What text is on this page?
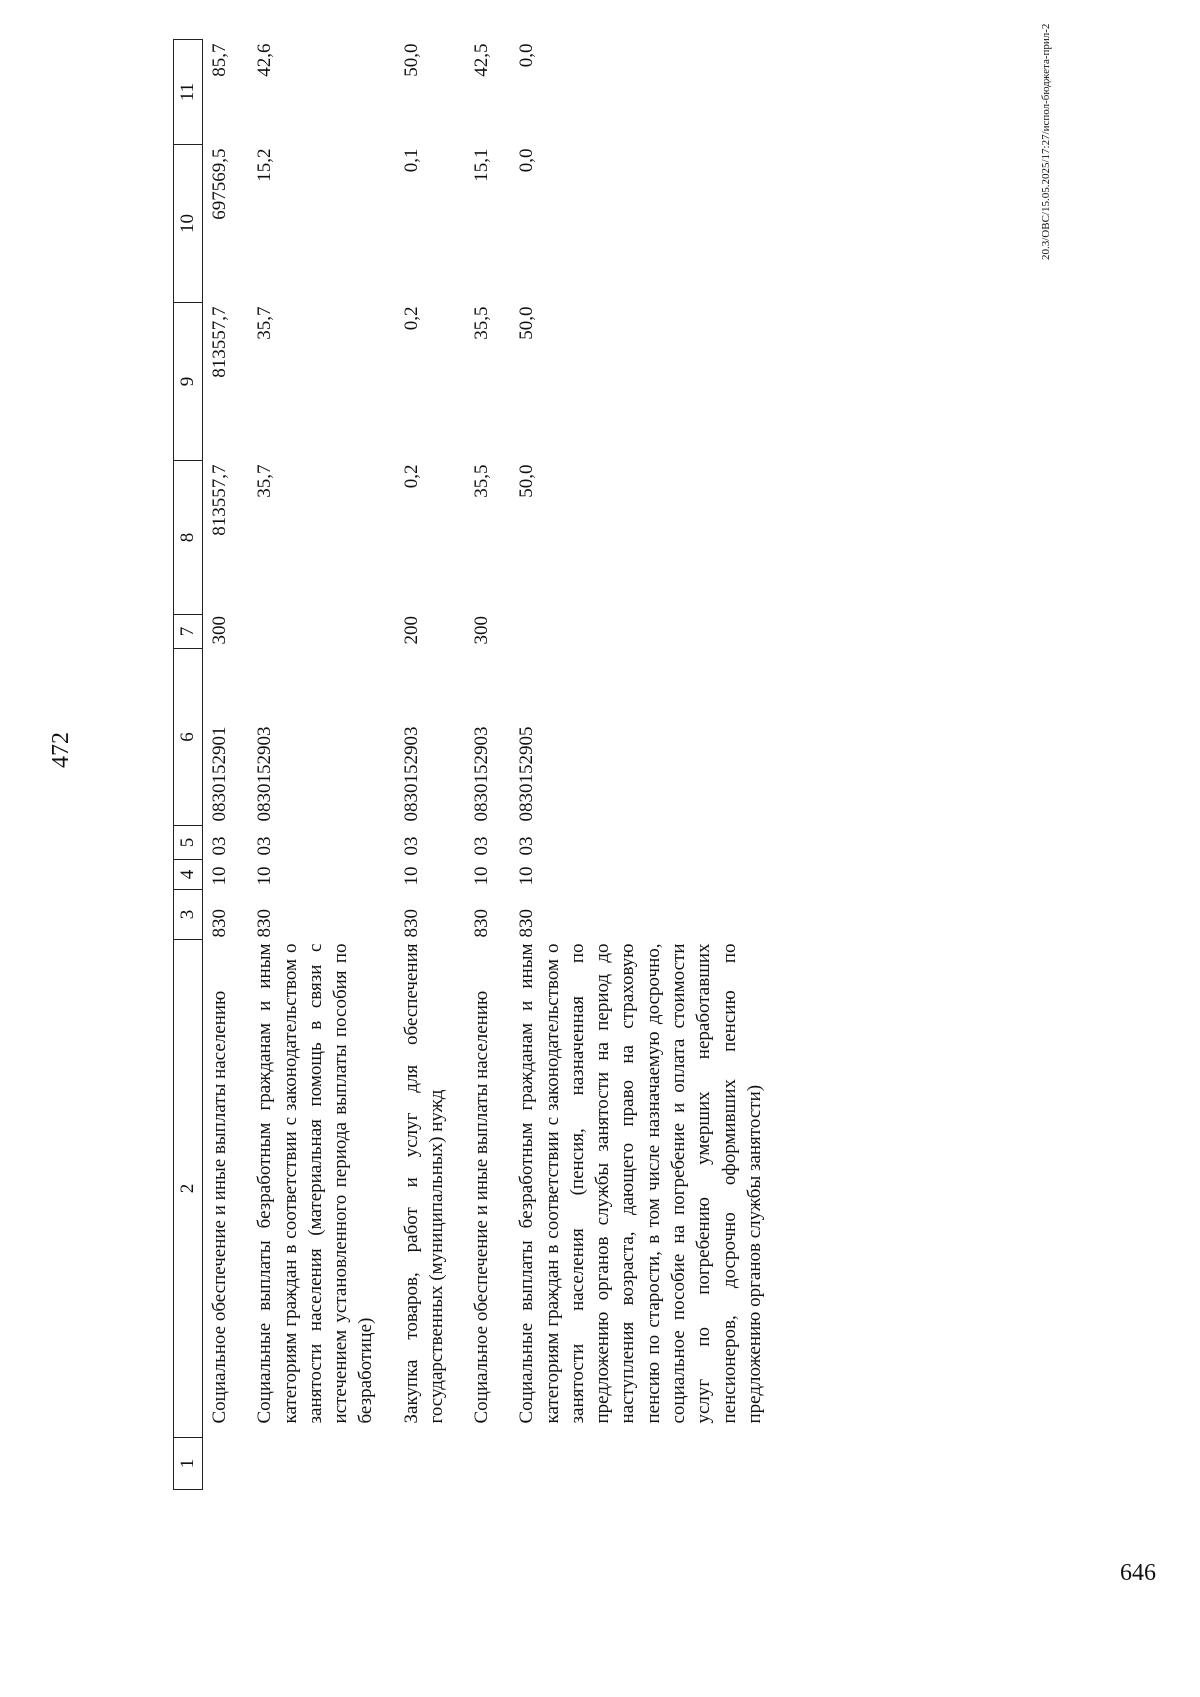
472
1	2	3	4	5	6	7	8	9	10	11
	Социальное обеспечение и иные выплаты населению	830	10	03	0830152901	300	813557,7	813557,7	697569,5	85,7
	Социальные выплаты безработным гражданам и иным категориям граждан в соответствии с законодательством о занятости населения (материальная помощь в связи с истечением установленного периода выплаты пособия по безработице)	830	10	03	0830152903		35,7	35,7	15,2	42,6
	Закупка товаров, работ и услуг для обеспечения государственных (муниципальных) нужд	830	10	03	0830152903	200	0,2	0,2	0,1	50,0
	Социальное обеспечение и иные выплаты населению	830	10	03	0830152903	300	35,5	35,5	15,1	42,5
	Социальные выплаты безработным гражданам и иным категориям граждан в соответствии с законодательством о занятости населения (пенсия, назначенная по предложению органов службы занятости на период до наступления возраста, дающего право на страховую пенсию по старости, в том числе назначаемую досрочно, социальное пособие на погребение и оплата стоимости услуг по погребению умерших неработавших пенсионеров, досрочно оформивших пенсию по предложению органов службы занятости)	830	10	03	0830152905		50,0	50,0	0,0	0,0	20.3/ОВС/15.05.2025/17:27/испол-бюджета-прил-2
646
